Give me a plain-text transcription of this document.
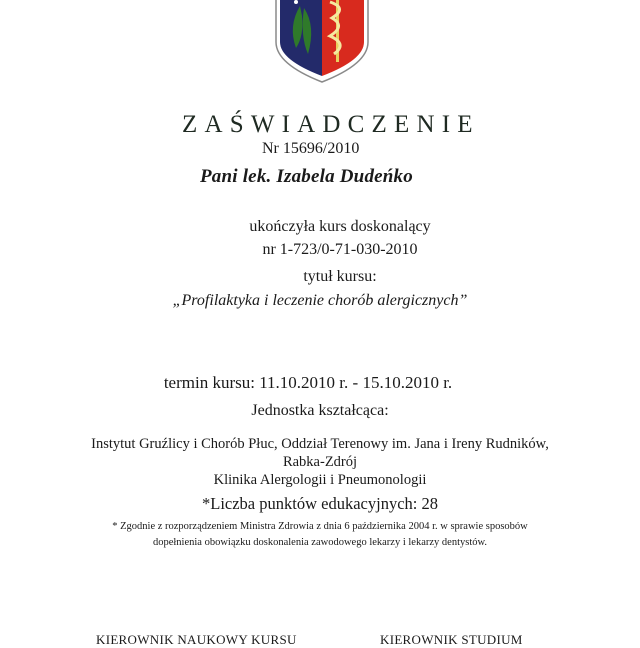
ZAŚWIADCZENIE
Nr 15696/2010
Pani lek. Izabela Dudeńko
ukończyła kurs doskonalący
nr 1-723/0-71-030-2010
tytuł kursu:
„Profilaktyka i leczenie chorób alergicznych”
termin kursu: 11.10.2010 r. - 15.10.2010 r.
Jednostka kształcąca:
Instytut Gruźlicy i Chorób Płuc, Oddział Terenowy im. Jana i Ireny Rudników,
Rabka-Zdrój
Klinika Alergologii i Pneumonologii
*Liczba punktów edukacyjnych: 28
* Zgodnie z rozporządzeniem Ministra Zdrowia z dnia 6 października 2004 r. w sprawie sposobów
dopełnienia obowiązku doskonalenia zawodowego lekarzy i lekarzy dentystów.
KIEROWNIK NAUKOWY KURSU	KIEROWNIK STUDIUM
